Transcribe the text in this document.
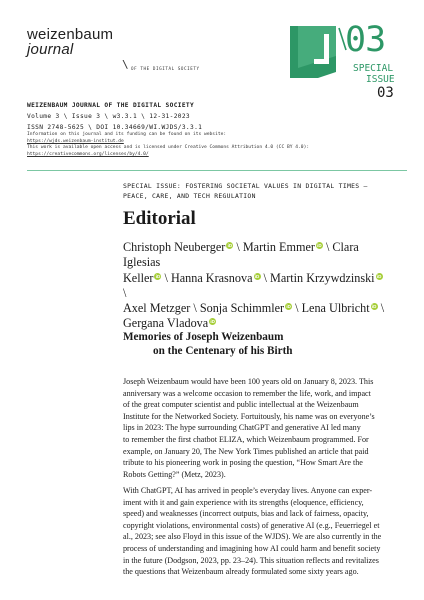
weizenbaum
journal
\ OF THE DIGITAL SOCIETY
03
SPECIAL
ISSUE
03
WEIZENBAUM JOURNAL OF THE DIGITAL SOCIETY
Volume 3 \ Issue 3 \ w3.3.1 \ 12-31-2023
ISSN 2748-5625 \ DOI 10.34669/WI.WJDS/3.3.1
Information on this journal and its funding can be found on its website:
https://wjds.weizenbaum-institut.de
This work is available open access and is licensed under Creative Commons Attribution 4.0 (CC BY 4.0):
https://creativecommons.org/licenses/by/4.0/
SPECIAL ISSUE: FOSTERING SOCIETAL VALUES IN DIGITAL TIMES –
PEACE, CARE, AND TECH REGULATION
Editorial
Christoph Neuberger iD \ Martin Emmer iD \ Clara Iglesias
Keller iD \ Hanna Krasnova iD \ Martin Krzywdzinski iD \
Axel Metzger \ Sonja Schimmler iD \ Lena Ulbricht iD \
Gergana Vladova iD
Memories of Joseph Weizenbaum
on the Centenary of his Birth
Joseph Weizenbaum would have been 100 years old on January 8, 2023. This
anniversary was a welcome occasion to remember the life, work, and impact
of the great computer scientist and public intellectual at the Weizenbaum
Institute for the Networked Society. Fortuitously, his name was on everyone’s
lips in 2023: The hype surrounding ChatGPT and generative AI led many
to remember the first chatbot ELIZA, which Weizenbaum programmed. For
example, on January 20, The New York Times published an article that paid
tribute to his pioneering work in posing the question, “How Smart Are the
Robots Getting?” (Metz, 2023).
With ChatGPT, AI has arrived in people’s everyday lives. Anyone can exper-
iment with it and gain experience with its strengths (eloquence, efficiency,
speed) and weaknesses (incorrect outputs, bias and lack of fairness, opacity,
copyright violations, environmental costs) of generative AI (e.g., Feuerriegel et
al., 2023; see also Floyd in this issue of the WJDS). We are also currently in the
process of understanding and imagining how AI could harm and benefit society
in the future (Dodgson, 2023, pp. 23–24). This situation reflects and revitalizes
the questions that Weizenbaum already formulated some sixty years ago.
